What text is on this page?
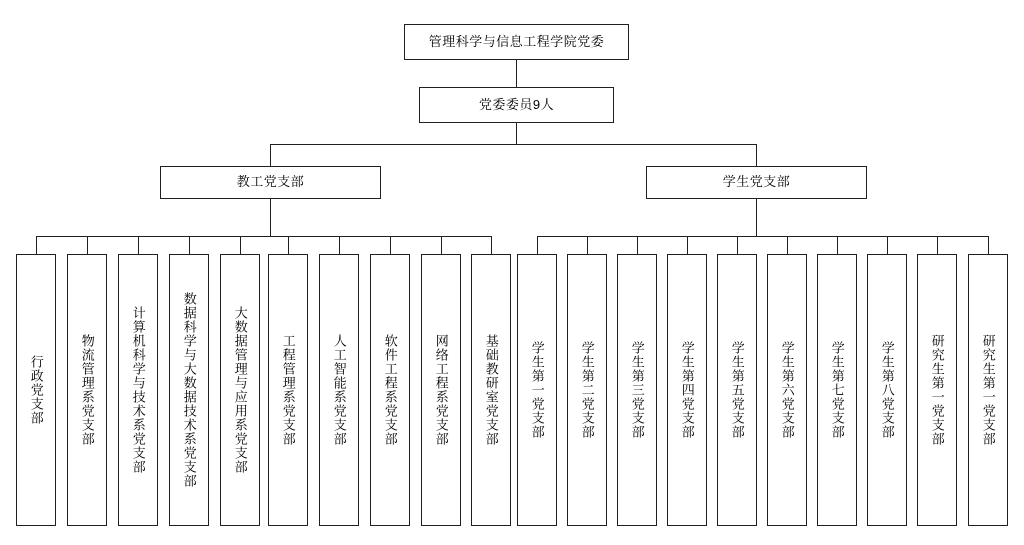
管理科学与信息工程学院党委
党委委员9人
教工党支部	学生党支部
行政党支部	物流管理系党支部	计算机科学与技术系党支部	数据科学与大数据技术系党支部	大数据管理与应用系党支部	工程管理系党支部	人工智能系党支部	软件工程系党支部	网络工程系党支部	基础教研室党支部	学生第一党支部	学生第二党支部	学生第三党支部	学生第四党支部	学生第五党支部	学生第六党支部	学生第七党支部	学生第八党支部	研究生第一党支部	研究生第一党支部
